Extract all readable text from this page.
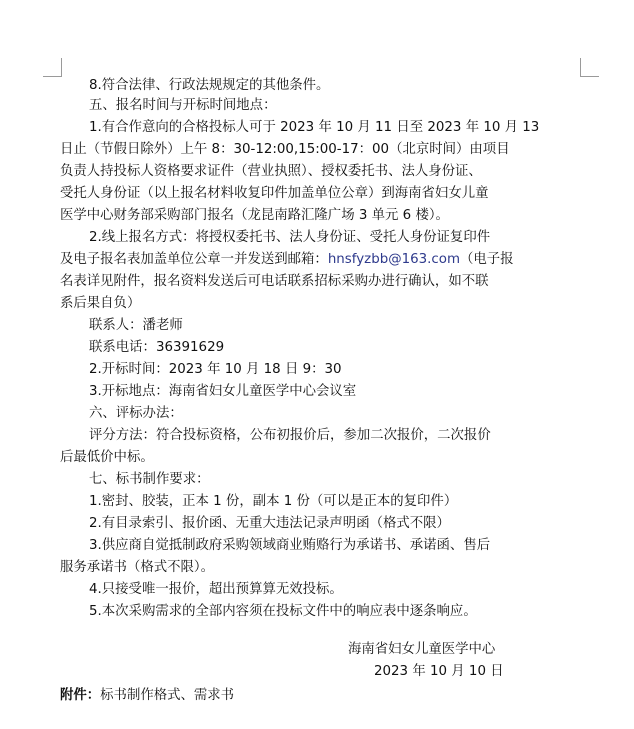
8.符合法律、行政法规规定的其他条件。
五、报名时间与开标时间地点：
1.有合作意向的合格投标人可于 2023 年 10 月 11 日至 2023 年 10 月 13
日止（节假日除外）上午 8：30-12:00,15:00-17：00（北京时间）由项目
负责人持投标人资格要求证件（营业执照）、授权委托书、法人身份证、
受托人身份证（以上报名材料收复印件加盖单位公章）到海南省妇女儿童
医学中心财务部采购部门报名（龙昆南路汇隆广场 3 单元 6 楼）。
2.线上报名方式：将授权委托书、法人身份证、受托人身份证复印件
及电子报名表加盖单位公章一并发送到邮箱：hnsfyzbb@163.com（电子报
名表详见附件，报名资料发送后可电话联系招标采购办进行确认，如不联
系后果自负）
联系人：潘老师
联系电话：36391629
2.开标时间：2023 年 10 月 18 日 9：30
3.开标地点：海南省妇女儿童医学中心会议室
六、评标办法：
评分方法：符合投标资格，公布初报价后，参加二次报价，二次报价
后最低价中标。
七、标书制作要求：
1.密封、胶装，正本 1 份，副本 1 份（可以是正本的复印件）
2.有目录索引、报价函、无重大违法记录声明函（格式不限）
3.供应商自觉抵制政府采购领域商业贿赂行为承诺书、承诺函、售后
服务承诺书（格式不限）。
4.只接受唯一报价，超出预算算无效投标。
5.本次采购需求的全部内容须在投标文件中的响应表中逐条响应。
海南省妇女儿童医学中心
2023 年 10 月 10 日
附件：标书制作格式、需求书
